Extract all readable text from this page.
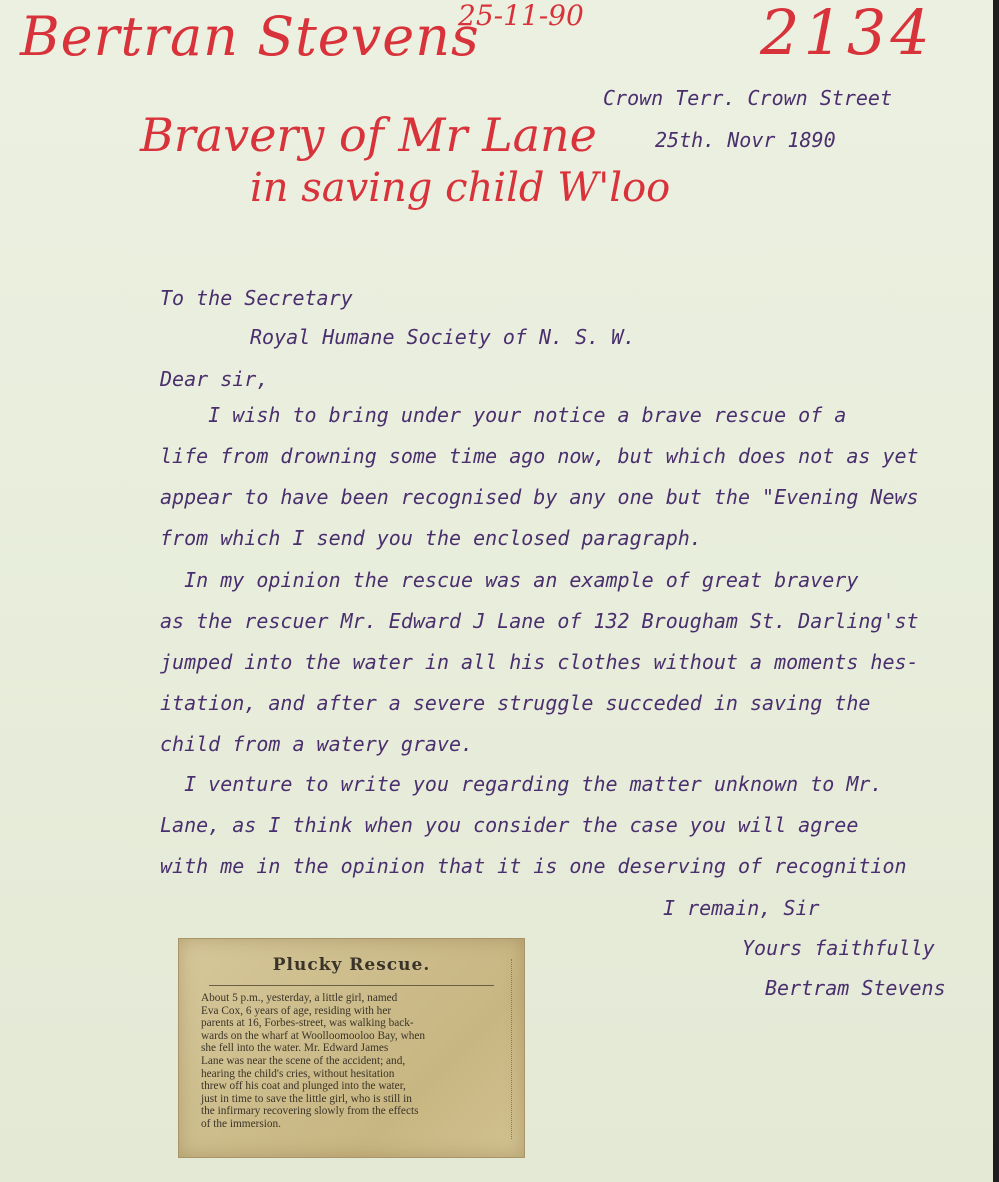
Bertran Stevens
25-11-90	2134
Bravery of Mr Lane
in saving child W'loo
Crown Terr. Crown Street
25th. Novr 1890
To the Secretary
Royal Humane Society of N. S. W.
Dear sir,
I wish to bring under your notice a brave rescue of a
life from drowning some time ago now, but which does not as yet
appear to have been recognised by any one but the "Evening News
from which I send you the enclosed paragraph.
In my opinion the rescue was an example of great bravery
as the rescuer Mr. Edward J Lane of 132 Brougham St. Darling'st
jumped into the water in all his clothes without a moments hes-
itation, and after a severe struggle succeded in saving the
child from a watery grave.
I venture to write you regarding the matter unknown to Mr.
Lane, as I think when you consider the case you will agree
with me in the opinion that it is one deserving of recognition
I remain, Sir
Yours faithfully
Bertram Stevens
Plucky Rescue.
About 5 p.m., yesterday, a little girl, named
Eva Cox, 6 years of age, residing with her
parents at 16, Forbes-street, was walking back-
wards on the wharf at Woolloomooloo Bay, when
she fell into the water. Mr. Edward James
Lane was near the scene of the accident; and,
hearing the child's cries, without hesitation
threw off his coat and plunged into the water,
just in time to save the little girl, who is still in
the infirmary recovering slowly from the effects
of the immersion.
